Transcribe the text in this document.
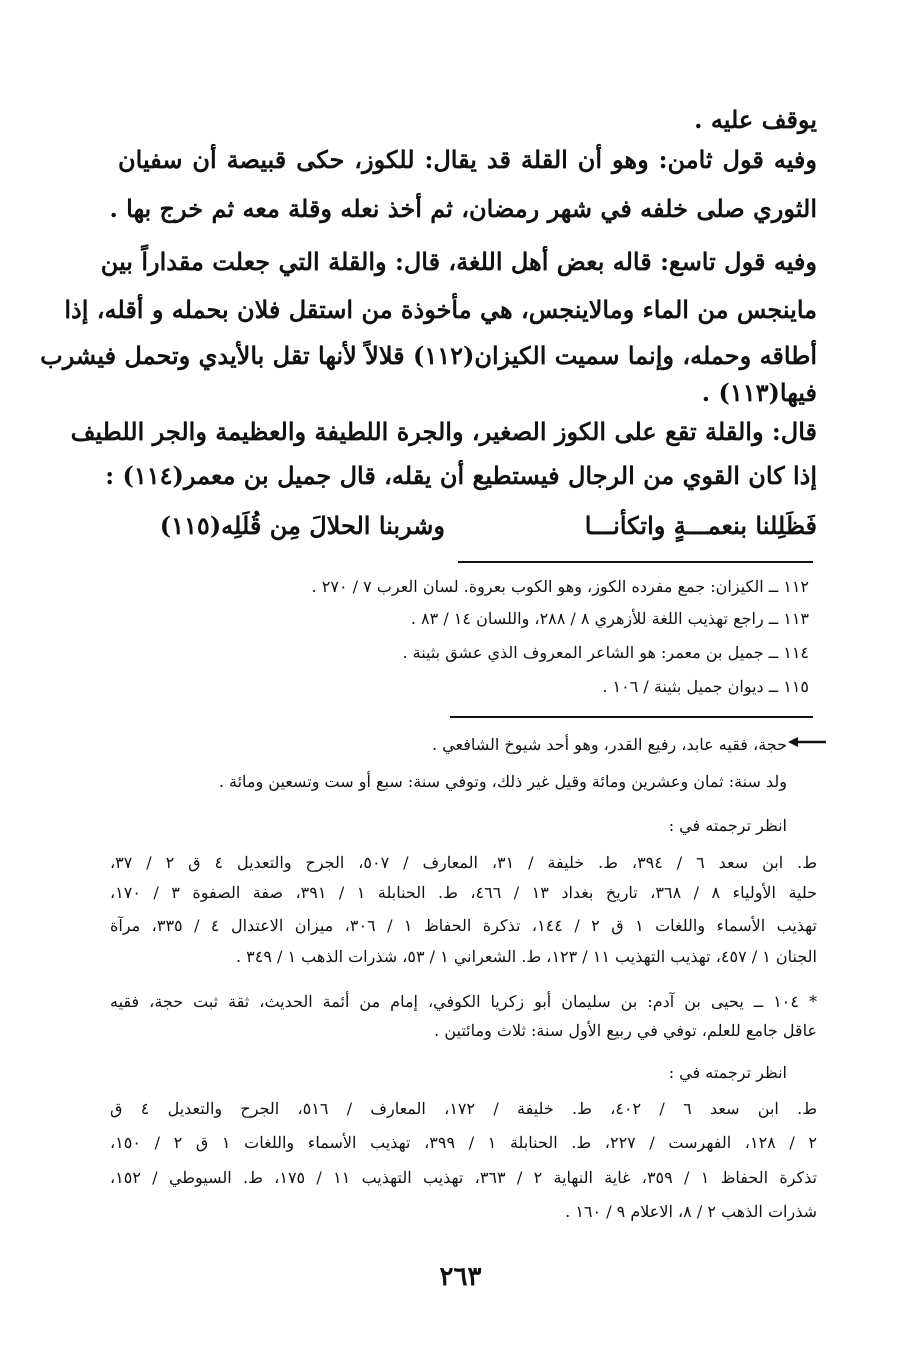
يوقف عليه .
وفيه قول ثامن: وهو أن القلة قد يقال: للكوز، حكى قبيصة أن سفيان
الثوري صلى خلفه في شهر رمضان، ثم أخذ نعله وقلة معه ثم خرج بها .
وفيه قول تاسع: قاله بعض أهل اللغة، قال: والقلة التي جعلت مقداراً بين
ماينجس من الماء ومالاينجس، هي مأخوذة من استقل فلان بحمله و أقله، إذا
أطاقه وحمله، وإنما سميت الكيزان(١١٢) قلالاً لأنها تقل بالأيدي وتحمل فيشرب
فيها(١١٣) .
قال: والقلة تقع على الكوز الصغير، والجرة اللطيفة والعظيمة والجر اللطيف
إذا كان القوي من الرجال فيستطيع أن يقله، قال جميل بن معمر(١١٤) :
فَظَلِلنا بنعمـــةٍ واتكأنـــا
وشربنا الحلالَ مِن قُلَلِه(١١٥)
١١٢ ــ الكيزان: جمع مفرده الكوز، وهو الكوب بعروة. لسان العرب ٧ / ٢٧٠ .
١١٣ ــ راجع تهذيب اللغة للأزهري ٨ / ٢٨٨، واللسان ١٤ / ٨٣ .
١١٤ ــ جميل بن معمر: هو الشاعر المعروف الذي عشق بثينة .
١١٥ ــ ديوان جميل بثينة / ١٠٦ .
حجة، فقيه عابد، رفيع القدر، وهو أحد شيوخ الشافعي .
ولد سنة: ثمان وعشرين ومائة وقيل غير ذلك، وتوفي سنة: سبع أو ست وتسعين ومائة .
انظر ترجمته في :
ط. ابن سعد ٦ / ٣٩٤، ط. خليفة / ٣١، المعارف / ٥٠٧، الجرح والتعديل ٤ ق ٢ / ٣٧،
حلية الأولياء ٨ / ٣٦٨، تاريخ بغداد ١٣ / ٤٦٦، ط. الحنابلة ١ / ٣٩١، صفة الصفوة ٣ / ١٧٠،
تهذيب الأسماء واللغات ١ ق ٢ / ١٤٤، تذكرة الحفاظ ١ / ٣٠٦، ميزان الاعتدال ٤ / ٣٣٥، مرآة
الجنان ١ / ٤٥٧، تهذيب التهذيب ١١ / ١٢٣، ط. الشعراني ١ / ٥٣، شذرات الذهب ١ / ٣٤٩ .
* ١٠٤ ــ يحيى بن آدم: بن سليمان أبو زكريا الكوفي، إمام من أئمة الحديث، ثقة ثبت حجة، فقيه
عاقل جامع للعلم، توفي في ربيع الأول سنة: ثلاث ومائتين .
انظر ترجمته في :
ط. ابن سعد ٦ / ٤٠٢، ط. خليفة / ١٧٢، المعارف / ٥١٦، الجرح والتعديل ٤ ق
٢ / ١٢٨، الفهرست / ٢٢٧، ط. الحنابلة ١ / ٣٩٩، تهذيب الأسماء واللغات ١ ق ٢ / ١٥٠،
تذكرة الحفاظ ١ / ٣٥٩، غاية النهاية ٢ / ٣٦٣، تهذيب التهذيب ١١ / ١٧٥، ط. السيوطي / ١٥٢،
شذرات الذهب ٢ / ٨، الاعلام ٩ / ١٦٠ .
٢٦٣
